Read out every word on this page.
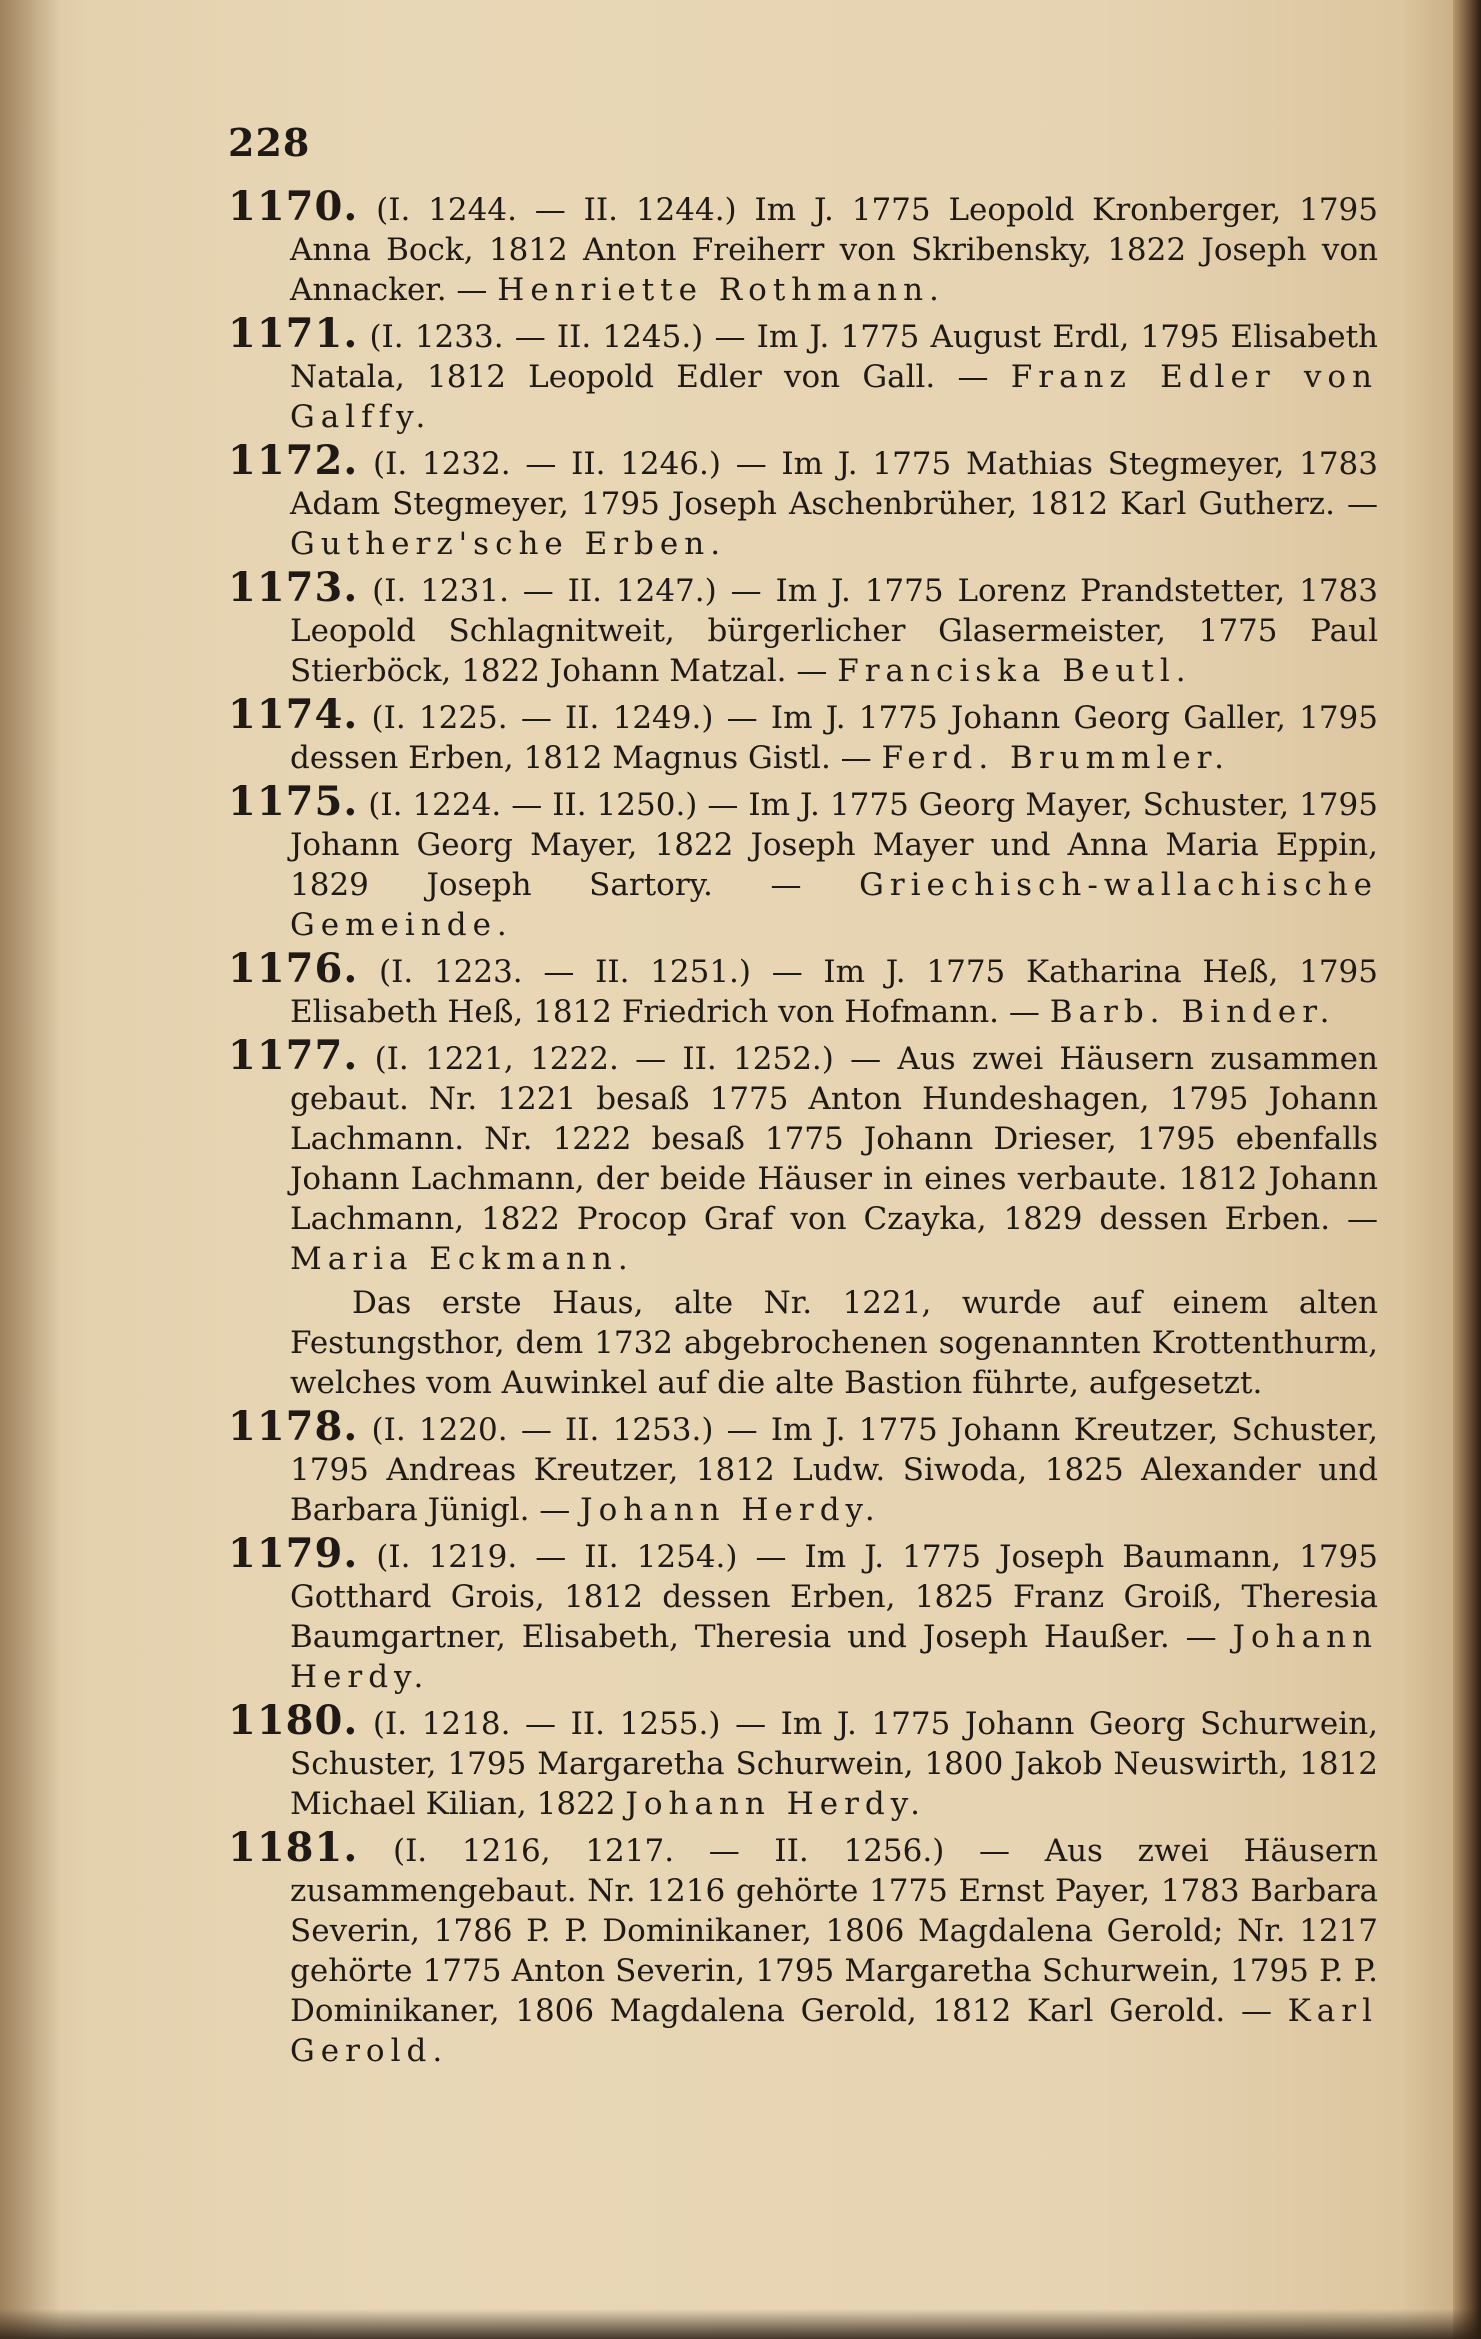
228
1170. (I. 1244. — II. 1244.) Im J. 1775 Leopold Kronberger, 1795 Anna Bock, 1812 Anton Freiherr von Skribensky, 1822 Joseph von Annacker. — Henriette Rothmann.
1171. (I. 1233. — II. 1245.) — Im J. 1775 August Erdl, 1795 Elisabeth Natala, 1812 Leopold Edler von Gall. — Franz Edler von Galffy.
1172. (I. 1232. — II. 1246.) — Im J. 1775 Mathias Stegmeyer, 1783 Adam Stegmeyer, 1795 Joseph Aschenbrüher, 1812 Karl Gutherz. — Gutherz'sche Erben.
1173. (I. 1231. — II. 1247.) — Im J. 1775 Lorenz Prandstetter, 1783 Leopold Schlagnitweit, bürgerlicher Glasermeister, 1775 Paul Stierböck, 1822 Johann Matzal. — Franciska Beutl.
1174. (I. 1225. — II. 1249.) — Im J. 1775 Johann Georg Galler, 1795 dessen Erben, 1812 Magnus Gistl. — Ferd. Brummler.
1175. (I. 1224. — II. 1250.) — Im J. 1775 Georg Mayer, Schuster, 1795 Johann Georg Mayer, 1822 Joseph Mayer und Anna Maria Eppin, 1829 Joseph Sartory. — Griechisch-wallachische Gemeinde.
1176. (I. 1223. — II. 1251.) — Im J. 1775 Katharina Heß, 1795 Elisabeth Heß, 1812 Friedrich von Hofmann. — Barb. Binder.
1177. (I. 1221, 1222. — II. 1252.) — Aus zwei Häusern zusammen gebaut. Nr. 1221 besaß 1775 Anton Hundeshagen, 1795 Johann Lachmann. Nr. 1222 besaß 1775 Johann Drieser, 1795 ebenfalls Johann Lachmann, der beide Häuser in eines verbaute. 1812 Johann Lachmann, 1822 Procop Graf von Czayka, 1829 dessen Erben. — Maria Eckmann.
Das erste Haus, alte Nr. 1221, wurde auf einem alten Festungsthor, dem 1732 abgebrochenen sogenannten Krottenthurm, welches vom Auwinkel auf die alte Bastion führte, aufgesetzt.
1178. (I. 1220. — II. 1253.) — Im J. 1775 Johann Kreutzer, Schuster, 1795 Andreas Kreutzer, 1812 Ludw. Siwoda, 1825 Alexander und Barbara Jünigl. — Johann Herdy.
1179. (I. 1219. — II. 1254.) — Im J. 1775 Joseph Baumann, 1795 Gotthard Grois, 1812 dessen Erben, 1825 Franz Groiß, Theresia Baumgartner, Elisabeth, Theresia und Joseph Haußer. — Johann Herdy.
1180. (I. 1218. — II. 1255.) — Im J. 1775 Johann Georg Schurwein, Schuster, 1795 Margaretha Schurwein, 1800 Jakob Neuswirth, 1812 Michael Kilian, 1822 Johann Herdy.
1181. (I. 1216, 1217. — II. 1256.) — Aus zwei Häusern zusammengebaut. Nr. 1216 gehörte 1775 Ernst Payer, 1783 Barbara Severin, 1786 P. P. Dominikaner, 1806 Magdalena Gerold; Nr. 1217 gehörte 1775 Anton Severin, 1795 Margaretha Schurwein, 1795 P. P. Dominikaner, 1806 Magdalena Gerold, 1812 Karl Gerold. — Karl Gerold.
